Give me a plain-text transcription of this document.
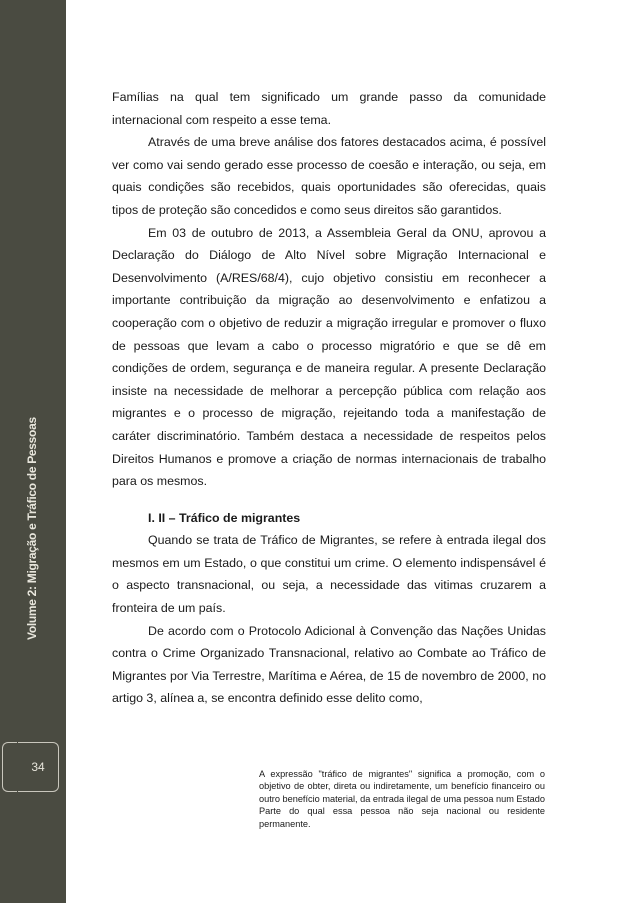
Volume 2: Migração e Tráfico de Pessoas
34

Famílias na qual tem significado um grande passo da comunidade internacional com respeito a esse tema.

Através de uma breve análise dos fatores destacados acima, é possível ver como vai sendo gerado esse processo de coesão e interação, ou seja, em quais condições são recebidos, quais oportunidades são oferecidas, quais tipos de proteção são concedidos e como seus direitos são garantidos.

Em 03 de outubro de 2013, a Assembleia Geral da ONU, aprovou a Declaração do Diálogo de Alto Nível sobre Migração Internacional e Desenvolvimento (A/RES/68/4), cujo objetivo consistiu em reconhecer a importante contribuição da migração ao desenvolvimento e enfatizou a cooperação com o objetivo de reduzir a migração irregular e promover o fluxo de pessoas que levam a cabo o processo migratório e que se dê em condições de ordem, segurança e de maneira regular. A presente Declaração insiste na necessidade de melhorar a percepção pública com relação aos migrantes e o processo de migração, rejeitando toda a manifestação de caráter discriminatório. Também destaca a necessidade de respeitos pelos Direitos Humanos e promove a criação de normas internacionais de trabalho para os mesmos.

I. II – Tráfico de migrantes

Quando se trata de Tráfico de Migrantes, se refere à entrada ilegal dos mesmos em um Estado, o que constitui um crime. O elemento indispensável é o aspecto transnacional, ou seja, a necessidade das vitimas cruzarem a fronteira de um país.

De acordo com o Protocolo Adicional à Convenção das Nações Unidas contra o Crime Organizado Transnacional, relativo ao Combate ao Tráfico de Migrantes por Via Terrestre, Marítima e Aérea, de 15 de novembro de 2000, no artigo 3, alínea a, se encontra definido esse delito como,

A expressão "tráfico de migrantes" significa a promoção, com o objetivo de obter, direta ou indiretamente, um benefício financeiro ou outro benefício material, da entrada ilegal de uma pessoa num Estado Parte do qual essa pessoa não seja nacional ou residente permanente.
